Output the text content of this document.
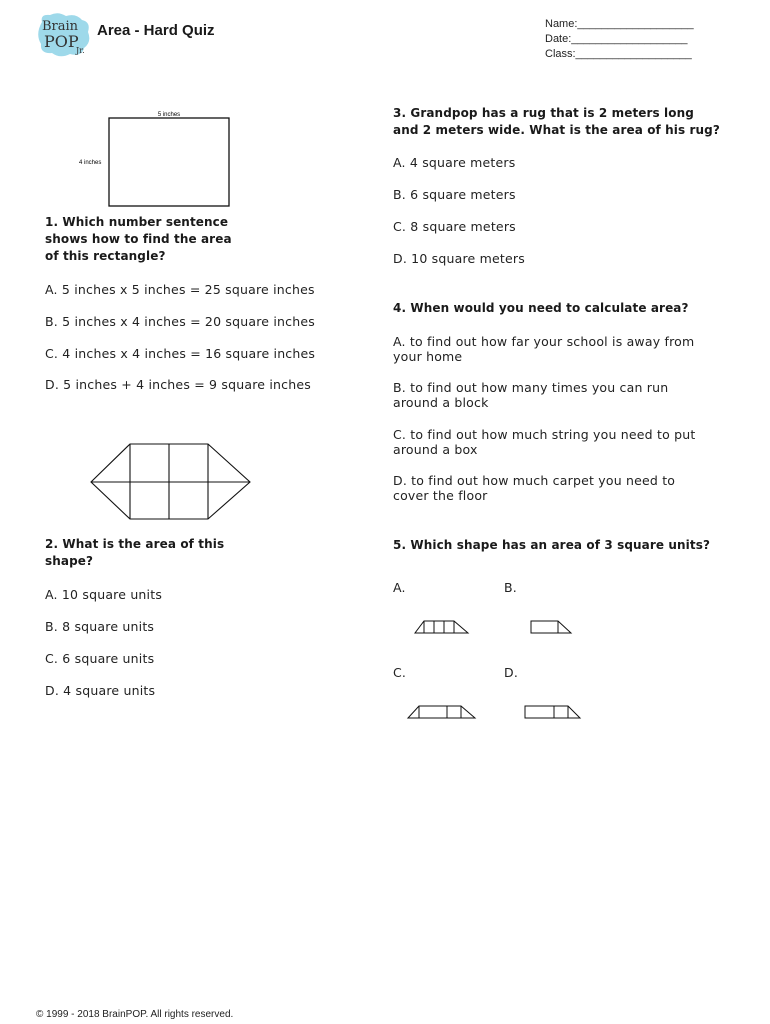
Brain
POP
Jr.
Area - Hard Quiz	Name:___________________
Date:___________________
Class:___________________
5 inches
4 inches
1. Which number sentence shows how to find the area of this rectangle?
A. 5 inches x 5 inches = 25 square inches
B. 5 inches x 4 inches = 20 square inches
C. 4 inches x 4 inches = 16 square inches
D. 5 inches + 4 inches = 9 square inches
2. What is the area of this shape?
A. 10 square units
B. 8 square units
C. 6 square units
D. 4 square units
3. Grandpop has a rug that is 2 meters long and 2 meters wide. What is the area of his rug?
A. 4 square meters
B. 6 square meters
C. 8 square meters
D. 10 square meters
4. When would you need to calculate area?
A. to find out how far your school is away from your home
B. to find out how many times you can run around a block
C. to find out how much string you need to put around a box
D. to find out how much carpet you need to cover the floor
5. Which shape has an area of 3 square units?
A.	B.
C.	D.
© 1999 - 2018 BrainPOP. All rights reserved.
